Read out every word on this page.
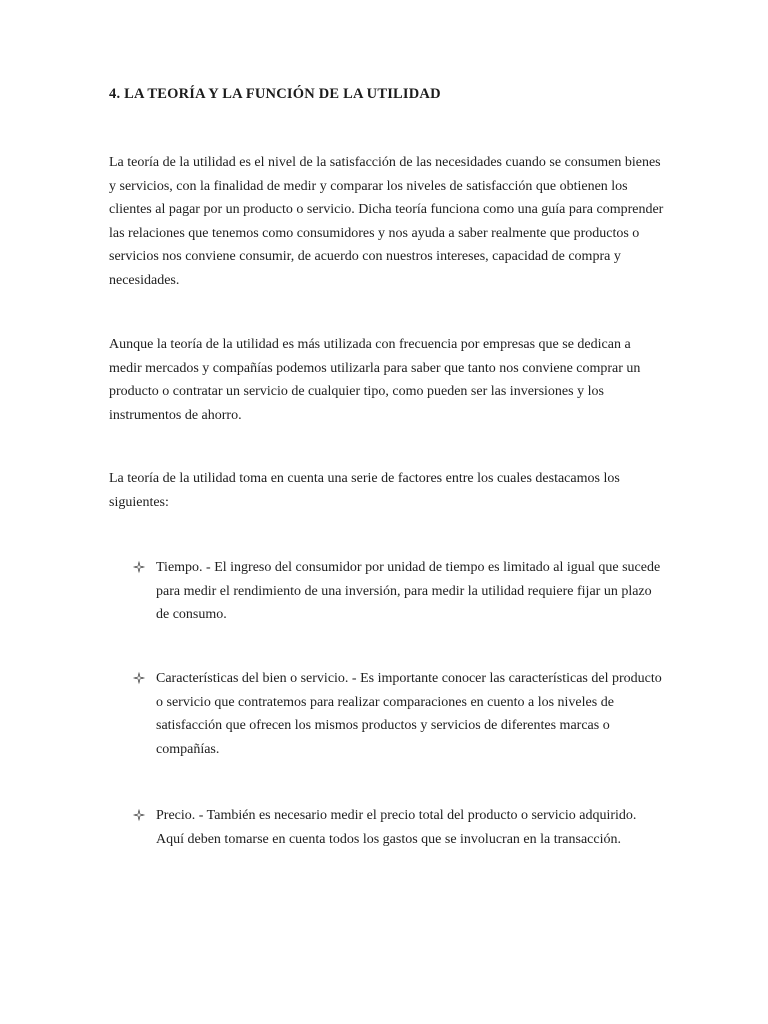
4. LA TEORÍA Y LA FUNCIÓN DE LA UTILIDAD

La teoría de la utilidad es el nivel de la satisfacción de las necesidades cuando se consumen bienes y servicios, con la finalidad de medir y comparar los niveles de satisfacción que obtienen los clientes al pagar por un producto o servicio. Dicha teoría funciona como una guía para comprender las relaciones que tenemos como consumidores y nos ayuda a saber realmente que productos o servicios nos conviene consumir, de acuerdo con nuestros intereses, capacidad de compra y necesidades.

Aunque la teoría de la utilidad es más utilizada con frecuencia por empresas que se dedican a medir mercados y compañías podemos utilizarla para saber que tanto nos conviene comprar un producto o contratar un servicio de cualquier tipo, como pueden ser las inversiones y los instrumentos de ahorro.

La teoría de la utilidad toma en cuenta una serie de factores entre los cuales destacamos los siguientes:

Tiempo. - El ingreso del consumidor por unidad de tiempo es limitado al igual que sucede para medir el rendimiento de una inversión, para medir la utilidad requiere fijar un plazo de consumo.

Características del bien o servicio. - Es importante conocer las características del producto o servicio que contratemos para realizar comparaciones en cuento a los niveles de satisfacción que ofrecen los mismos productos y servicios de diferentes marcas o compañías.

Precio. - También es necesario medir el precio total del producto o servicio adquirido. Aquí deben tomarse en cuenta todos los gastos que se involucran en la transacción.
